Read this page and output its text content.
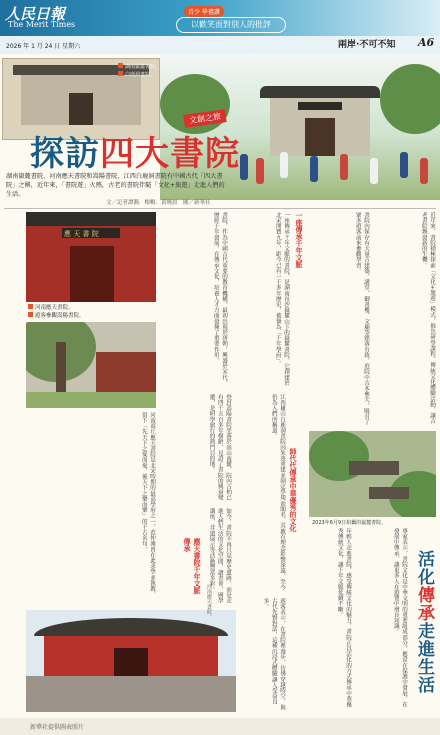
人民日報
The Merit Times
青少 學禮讚
以歡笑面對別人的批評
2026 年 1 月 24 日 星期六	兩岸·不可不知 A6
湖南嶽麓書院。
白鹿洞書院。
文創之旅
探訪四大書院
湖南嶽麓書院、河南應天書院和嵩陽書院、江西白鹿洞書院有中國古代「四大書院」之稱，近年來，「書院遊」火熱，古老的書院伴隨「文化+旅遊」走進人們的生活。
文／記者譚漸．楊暢．黃曉晨　圖／新華社
應 天 書 院
河南應天書院。
遊客參觀嵩陽書院。	書院，作為中國古代重要的教育機構，最初出現於唐朝，興盛於宋代，歷經千年發展，在傳承文化、培養人才方面發揮了重要作用。	一座傳承千年文脈的書院，是湖南長沙嶽麓山下的嶽麓書院。它創建於北宋開寶九年，距今已有一千多年歷史，被譽為「千年學府」。	一座傳承千年文脈	書院內保存有大量古建築，講堂、御書樓、文廟等錯落有致，庭院中古木參天，吸引了眾多遊客前來參觀學習。	近年來，書院積極探索「文化+旅遊」模式，推出研學課程、傳統文化體驗活動，讓古老書院煥發新的生機。
河南商丘應天書院是北宋時期的最高學府之一，范仲淹曾在此求學並執教，留下「先天下之憂而憂，後天下之樂而樂」的千古名句。	登封嵩陽書院坐落於嵩山南麓，院內古柏已有四千五百多年樹齡，見證了書院的興衰變遷，是研學旅行的熱門目的地。
師代代傳承中華優秀的文化
江西廬山白鹿洞書院因朱熹重建並制定學規而聞名，其教育理念影響深遠，至今仍為人們所稱道。
如今，書院不再只是歷史遺跡，而是走進人們生活的文化空間，讀書會、國學講座、非遺展示等活動豐富多彩。
應天書院千年文脈傳承
2023年6月9日拍攝的嶽麓書院。
年輕人走進書院，感受傳統文化的魅力，書院正以活化的方式傳承中華優秀傳統文化，讓千年文脈延續不斷。	專家表示，書院文化是中華文明的重要組成部分，應當在保護中發展、在發展中傳承，讓更多人在遊覽中增長知識。
遊客表示，在書院裡漫步，彷彿穿越時空，與古代先賢對話，這種沉浸式體驗讓人受益良多。
活化傳承走進生活
河南應天書院。
新華社提供圖表照片
